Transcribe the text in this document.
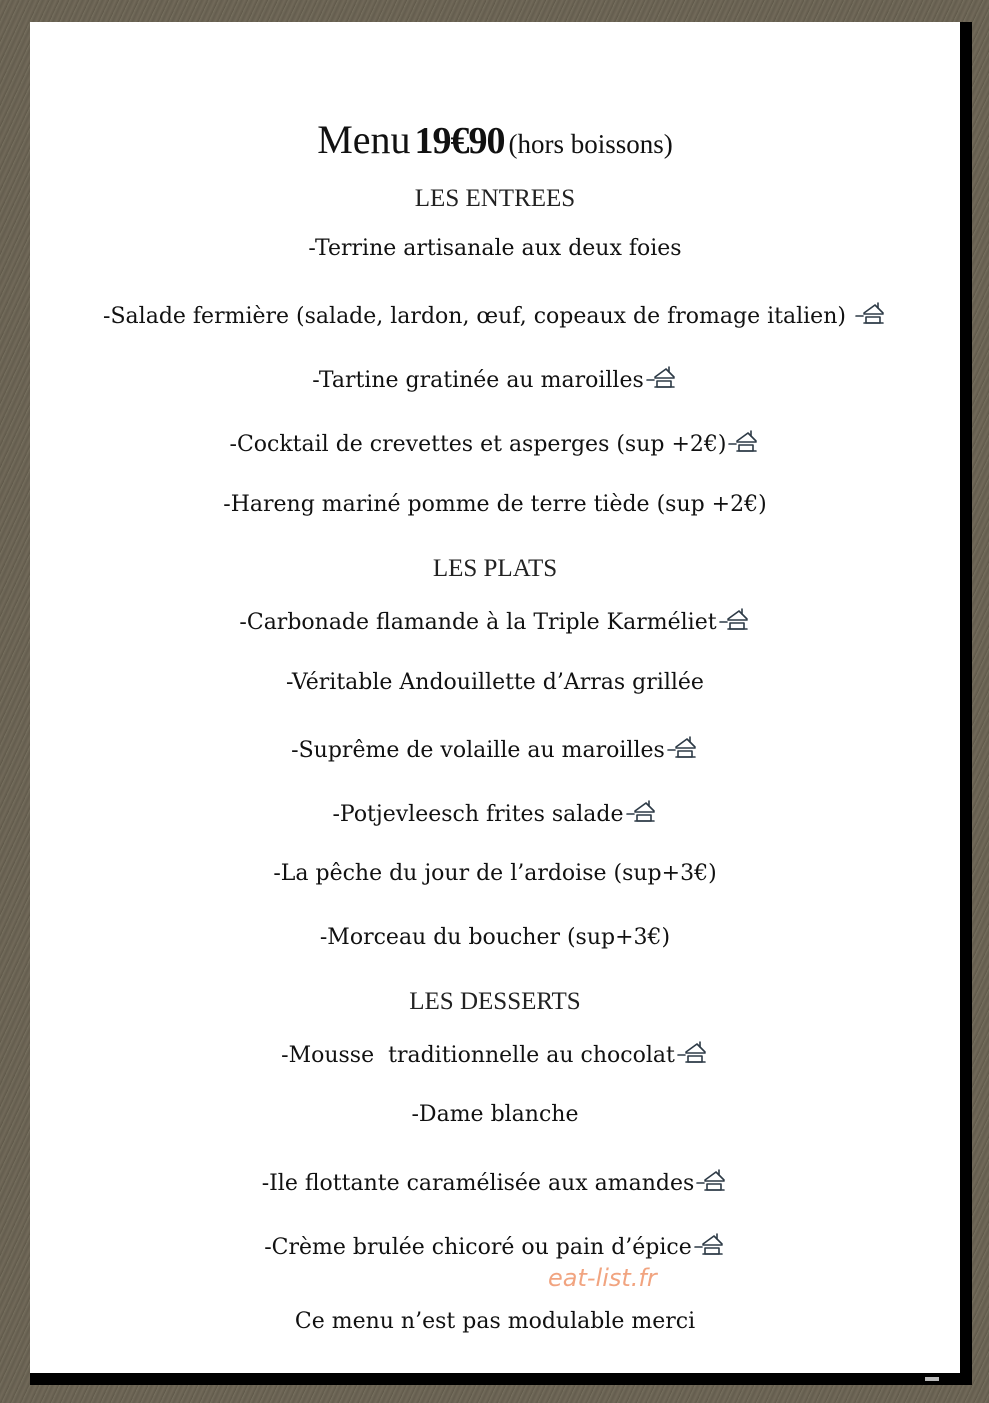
Menu 19€90 (hors boissons)
LES ENTREES
-Terrine artisanale aux deux foies
-Salade fermière (salade, lardon, œuf, copeaux de fromage italien)
-Tartine gratinée au maroilles
-Cocktail de crevettes et asperges (sup +2€)
-Hareng mariné pomme de terre tiède (sup +2€)
LES PLATS
-Carbonade flamande à la Triple Karméliet
-Véritable Andouillette d’Arras grillée
-Suprême de volaille au maroilles
-Potjevleesch frites salade
-La pêche du jour de l’ardoise (sup+3€)
-Morceau du boucher (sup+3€)
LES DESSERTS
-Mousse  traditionnelle au chocolat
-Dame blanche
-Ile flottante caramélisée aux amandes
-Crème brulée chicoré ou pain d’épice
Ce menu n’est pas modulable merci
eat-list.fr
